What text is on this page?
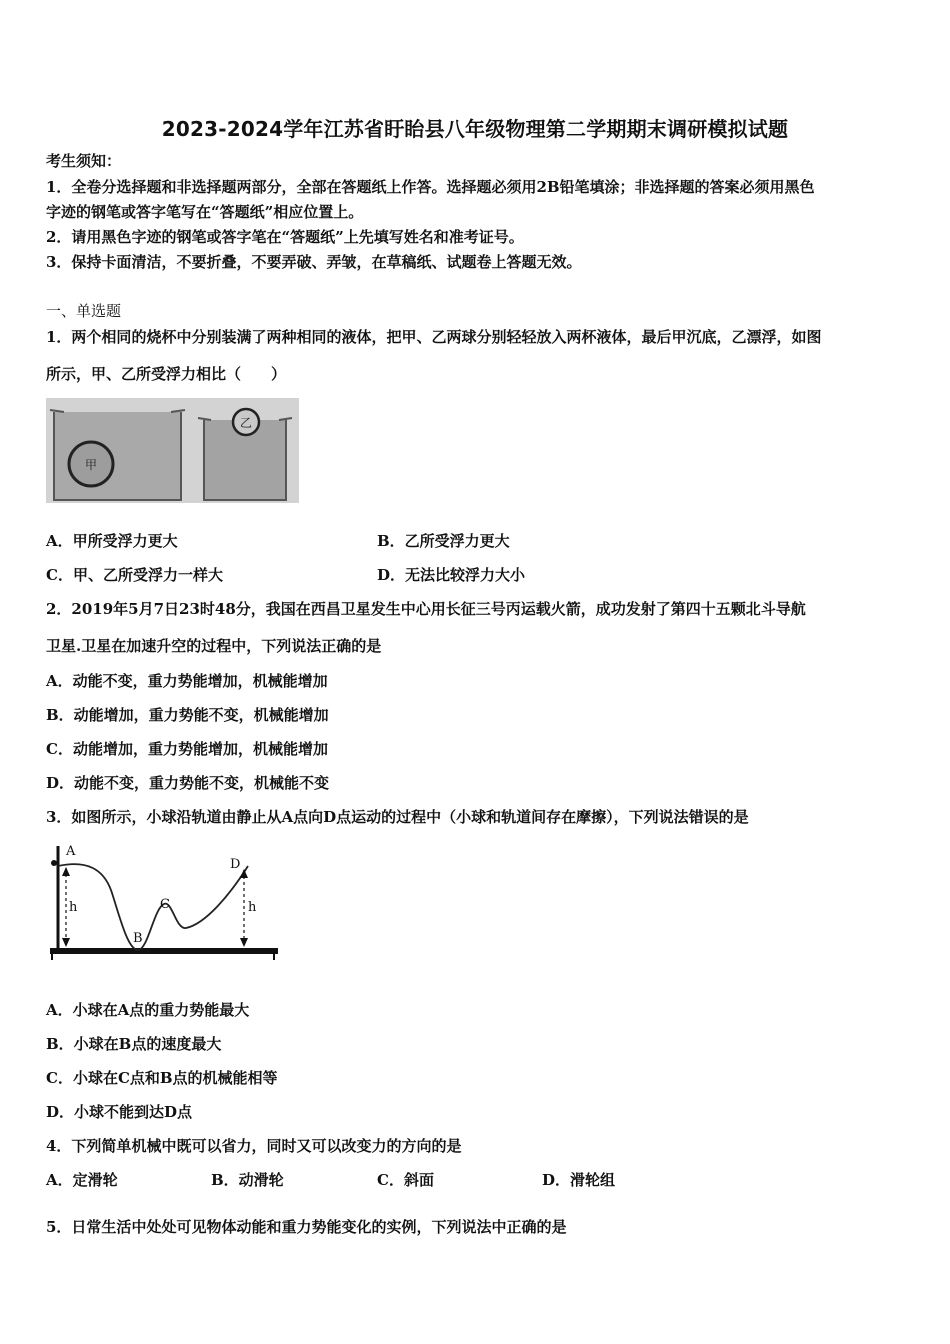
2023-2024学年江苏省盱眙县八年级物理第二学期期末调研模拟试题
考生须知：
1．全卷分选择题和非选择题两部分，全部在答题纸上作答。选择题必须用2B铅笔填涂；非选择题的答案必须用黑色
字迹的钢笔或答字笔写在“答题纸”相应位置上。
2．请用黑色字迹的钢笔或答字笔在“答题纸”上先填写姓名和准考证号。
3．保持卡面清洁，不要折叠，不要弄破、弄皱，在草稿纸、试题卷上答题无效。
一、单选题
1．两个相同的烧杯中分别装满了两种相同的液体，把甲、乙两球分别轻轻放入两杯液体，最后甲沉底，乙漂浮，如图
所示，甲、乙所受浮力相比（　　）
甲
乙
A．甲所受浮力更大	B．乙所受浮力更大
C．甲、乙所受浮力一样大	D．无法比较浮力大小
2．2019年5月7日23时48分，我国在西昌卫星发生中心用长征三号丙运载火箭，成功发射了第四十五颗北斗导航
卫星.卫星在加速升空的过程中，下列说法正确的是
A．动能不变，重力势能增加，机械能增加
B．动能增加，重力势能不变，机械能增加
C．动能增加，重力势能增加，机械能增加
D．动能不变，重力势能不变，机械能不变
3．如图所示，小球沿轨道由静止从A点向D点运动的过程中（小球和轨道间存在摩擦），下列说法错误的是
A
B
C
D
h	h
A．小球在A点的重力势能最大
B．小球在B点的速度最大
C．小球在C点和B点的机械能相等
D．小球不能到达D点
4．下列简单机械中既可以省力，同时又可以改变力的方向的是
A．定滑轮	B．动滑轮	C．斜面	D．滑轮组
5．日常生活中处处可见物体动能和重力势能变化的实例，下列说法中正确的是
